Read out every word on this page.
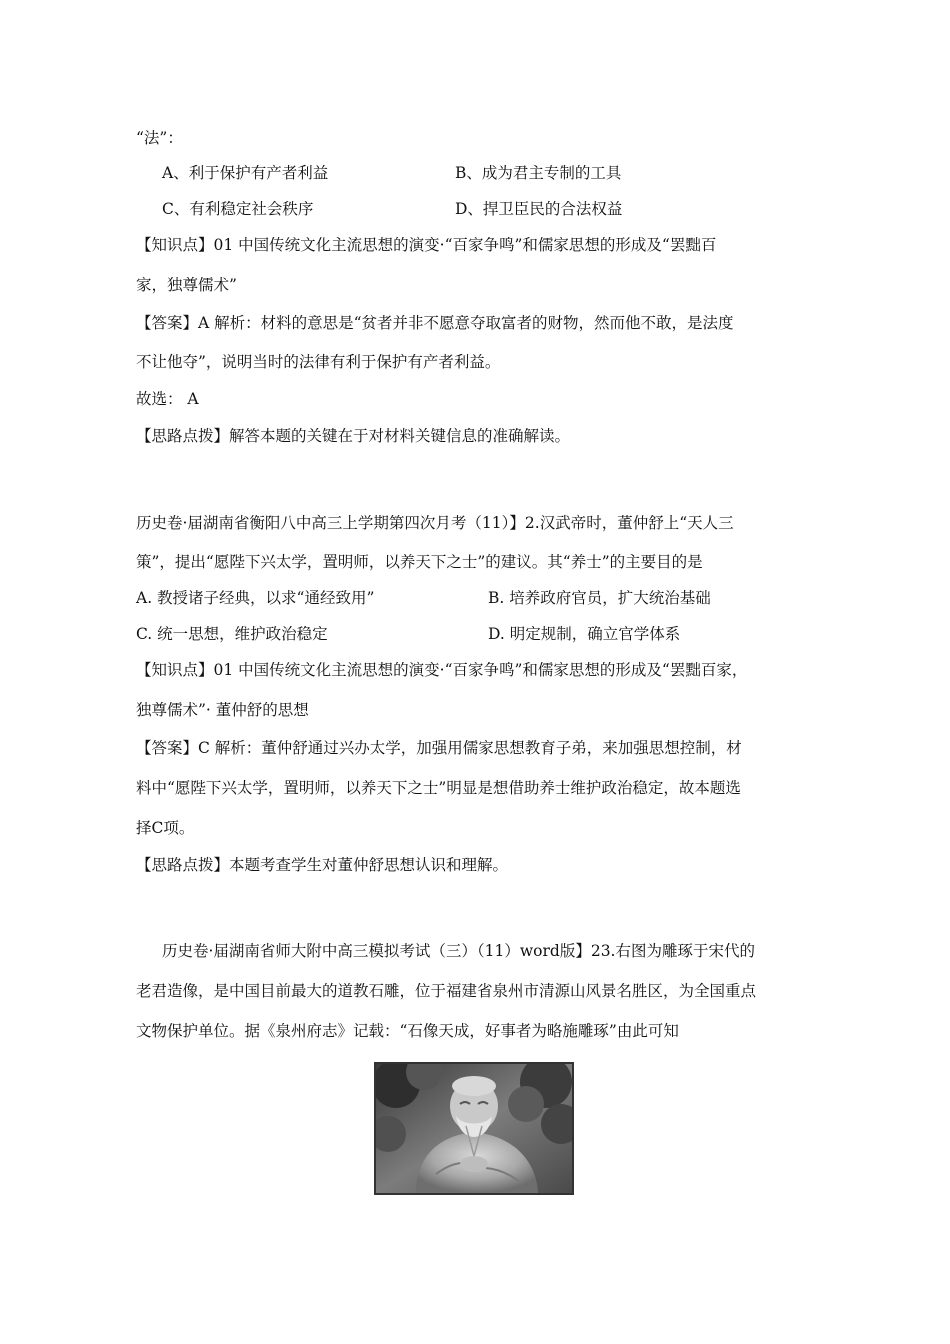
“法”：
A、利于保护有产者利益	B、成为君主专制的工具
C、有利稳定社会秩序	D、捍卫臣民的合法权益
【知识点】01 中国传统文化主流思想的演变·“百家争鸣”和儒家思想的形成及“罢黜百
家，独尊儒术”
【答案】A 解析：材料的意思是“贫者并非不愿意夺取富者的财物，然而他不敢，是法度
不让他夺”，说明当时的法律有利于保护有产者利益。
故选： A
【思路点拨】解答本题的关键在于对材料关键信息的准确解读。
历史卷·届湖南省衡阳八中高三上学期第四次月考（11）】2.汉武帝时，董仲舒上“天人三
策”，提出“愿陛下兴太学，置明师，以养天下之士”的建议。其“养士”的主要目的是
A. 教授诸子经典，以求“通经致用”	B. 培养政府官员，扩大统治基础
C. 统一思想，维护政治稳定	D. 明定规制，确立官学体系
【知识点】01 中国传统文化主流思想的演变·“百家争鸣”和儒家思想的形成及“罢黜百家，
独尊儒术”· 董仲舒的思想
【答案】C 解析：董仲舒通过兴办太学，加强用儒家思想教育子弟，来加强思想控制，材
料中“愿陛下兴太学，置明师，以养天下之士”明显是想借助养士维护政治稳定，故本题选
择C项。
【思路点拨】本题考查学生对董仲舒思想认识和理解。
历史卷·届湖南省师大附中高三模拟考试（三）（11）word版】23.右图为雕琢于宋代的
老君造像，是中国目前最大的道教石雕，位于福建省泉州市清源山风景名胜区，为全国重点
文物保护单位。据《泉州府志》记载：“石像天成，好事者为略施雕琢”由此可知
